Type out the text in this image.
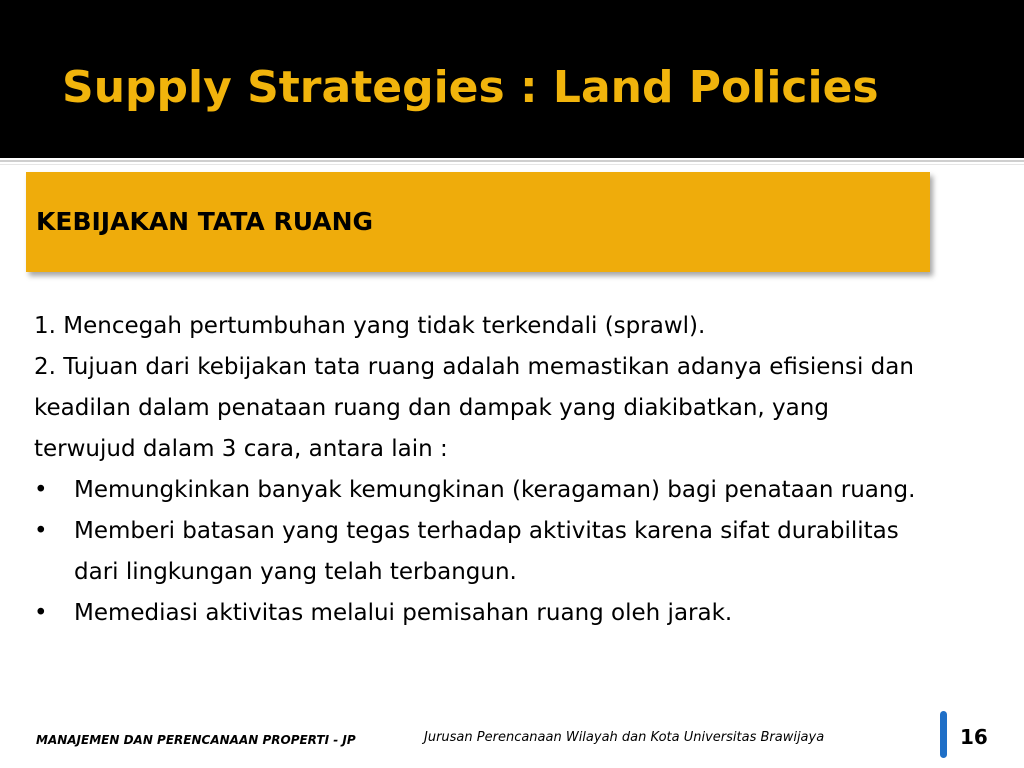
Supply Strategies : Land Policies
KEBIJAKAN TATA RUANG

1. Mencegah pertumbuhan yang tidak terkendali (sprawl).

2. Tujuan dari kebijakan tata ruang adalah memastikan adanya efisiensi dan keadilan dalam penataan ruang dan dampak yang diakibatkan, yang terwujud dalam 3 cara, antara lain :

• Memungkinkan banyak kemungkinan (keragaman) bagi penataan ruang.
• Memberi batasan yang tegas terhadap aktivitas karena sifat durabilitas dari lingkungan yang telah terbangun.
• Memediasi aktivitas melalui pemisahan ruang oleh jarak.
MANAJEMEN DAN PERENCANAAN PROPERTI - JP	Jurusan Perencanaan Wilayah dan Kota Universitas Brawijaya	16
